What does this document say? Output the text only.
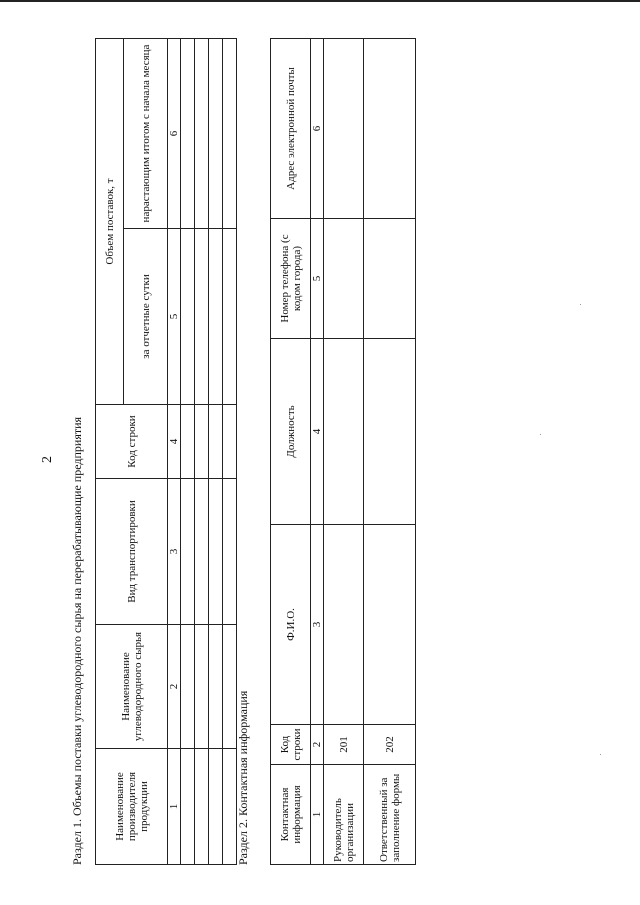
2 Раздел 1. Объемы поставки углеводородного сырья на перерабатывающие предприятия	Наименование производителя продукции	Наименование углеводородного сырья	Вид транспортировки	Код строки	Объем поставок, т	
				за отчетные сутки	нарастающим итогом с начала месяца
1	2	3	4	5	6

Раздел 2. Контактная информация	Контактная информация	Код строки	Ф.И.О.	Должность	Номер телефона (с кодом города)	Адрес электронной почты
1	2	3	4	5	6
Руководитель организации	201				
Ответственный за заполнение формы	202				
